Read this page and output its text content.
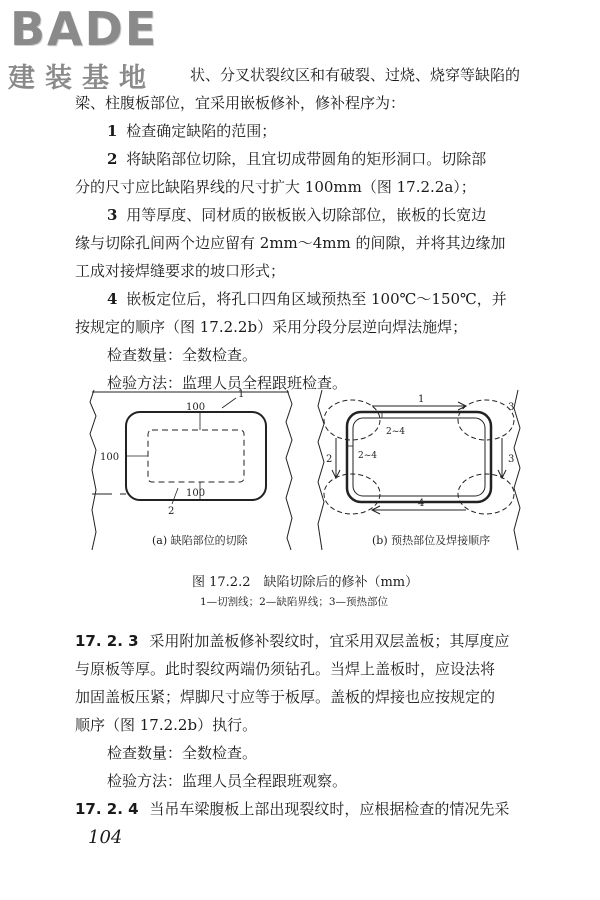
BADE
建装基地 状、分叉状裂纹区和有破裂、过烧、烧穿等缺陷的
梁、柱腹板部位，宜采用嵌板修补，修补程序为：
1 检查确定缺陷的范围；
2 将缺陷部位切除，且宜切成带圆角的矩形洞口。切除部
分的尺寸应比缺陷界线的尺寸扩大 100mm（图 17.2.2a）；
3 用等厚度、同材质的嵌板嵌入切除部位，嵌板的长宽边
缘与切除孔间两个边应留有 2mm～4mm 的间隙，并将其边缘加
工成对接焊缝要求的坡口形式；
4 嵌板定位后，将孔口四角区域预热至 100℃～150℃，并
按规定的顺序（图 17.2.2b）采用分段分层逆向焊法施焊；
检查数量：全数检查。
检验方法：监理人员全程跟班检查。
100
100
100
1
2
1
2	3
3
4
2~4
2~4
(a) 缺陷部位的切除	(b) 预热部位及焊接顺序
图 17.2.2　缺陷切除后的修补（mm）
1—切割线；2—缺陷界线；3—预热部位
17. 2. 3 采用附加盖板修补裂纹时，宜采用双层盖板；其厚度应
与原板等厚。此时裂纹两端仍须钻孔。当焊上盖板时，应设法将
加固盖板压紧；焊脚尺寸应等于板厚。盖板的焊接也应按规定的
顺序（图 17.2.2b）执行。
检查数量：全数检查。
检验方法：监理人员全程跟班观察。
17. 2. 4 当吊车梁腹板上部出现裂纹时，应根据检查的情况先采
104
